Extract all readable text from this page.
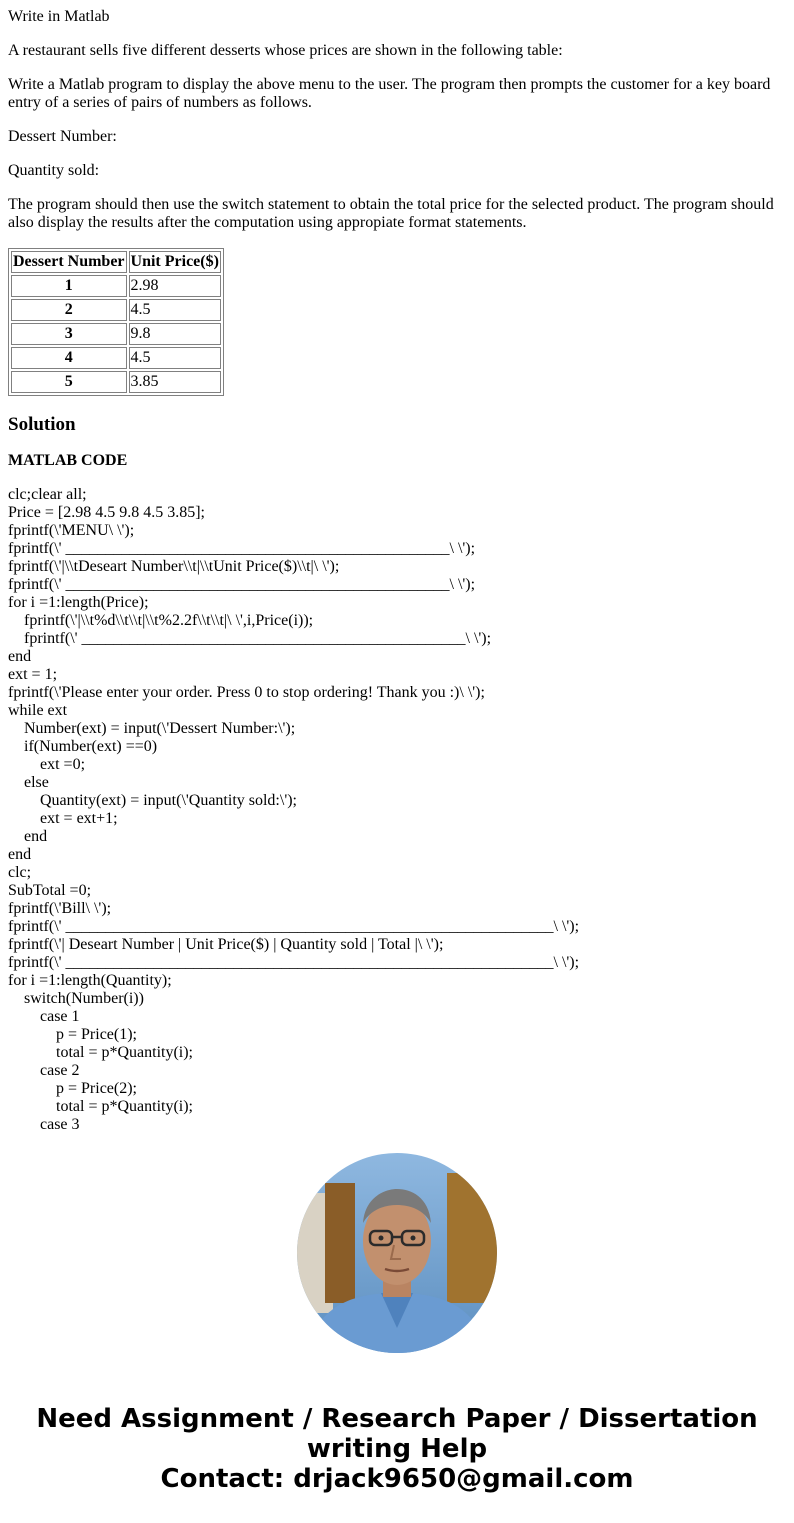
Write in Matlab

A restaurant sells five different desserts whose prices are shown in the following table:

Write a Matlab program to display the above menu to the user. The program then prompts the customer for a key board entry of a series of pairs of numbers as follows.

Dessert Number:

Quantity sold:

The program should then use the switch statement to obtain the total price for the selected product. The program should also display the results after the computation using appropiate format statements.

Dessert Number	Unit Price($)
1	2.98
2	4.5
3	9.8
4	4.5
5	3.85
Solution
MATLAB CODE
clc;clear all;
Price = [2.98 4.5 9.8 4.5 3.85];
fprintf(\'MENU\ \');
fprintf(\' ________________________________________________\ \');
fprintf(\'|\\tDeseart Number\\t|\\tUnit Price($)\\t|\ \');
fprintf(\' ________________________________________________\ \');
for i =1:length(Price);
fprintf(\'|\\t%d\\t\\t|\\t%2.2f\\t\\t|\ \',i,Price(i));
fprintf(\' ________________________________________________\ \');
end
ext = 1;
fprintf(\'Please enter your order. Press 0 to stop ordering! Thank you :)\ \');
while ext
Number(ext) = input(\'Dessert Number:\');
if(Number(ext) ==0)
ext =0;
else
Quantity(ext) = input(\'Quantity sold:\');
ext = ext+1;
end
end
clc;
SubTotal =0;
fprintf(\'Bill\ \');
fprintf(\' _____________________________________________________________\ \');
fprintf(\'| Deseart Number | Unit Price($) | Quantity sold | Total |\ \');
fprintf(\' _____________________________________________________________\ \');
for i =1:length(Quantity);
switch(Number(i))
case 1
p = Price(1);
total = p*Quantity(i);
case 2
p = Price(2);
total = p*Quantity(i);
case 3
Need Assignment / Research Paper / Dissertation
writing Help
Contact: drjack9650@gmail.com
